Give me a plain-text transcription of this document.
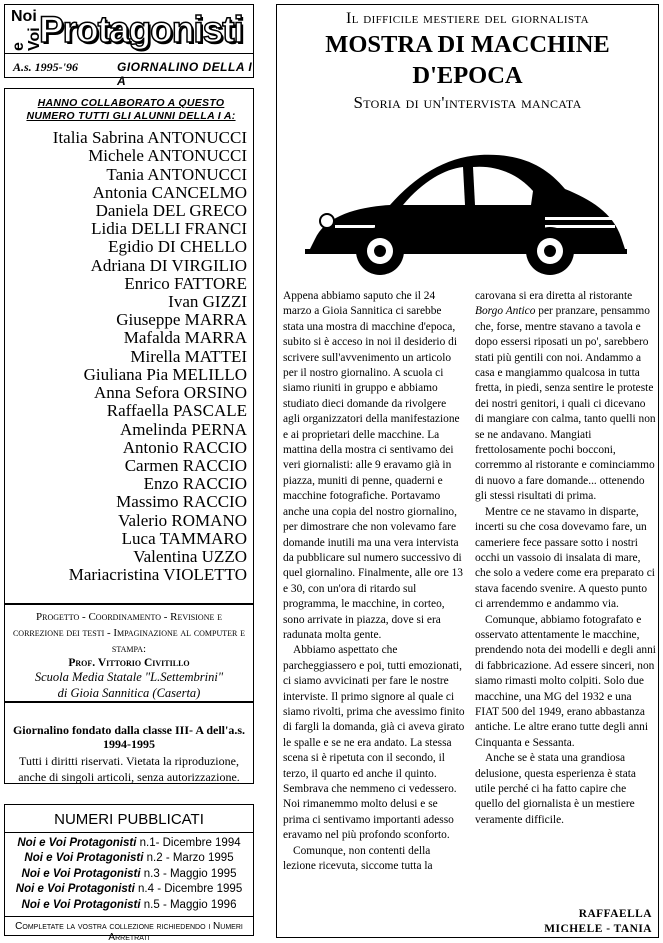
Noi
e Voi
Protagonisti
A.s. 1995-'96	GIORNALINO DELLA I A
HANNO COLLABORATO A QUESTO NUMERO TUTTI GLI ALUNNI DELLA I A:
Italia Sabrina ANTONUCCI
Michele ANTONUCCI
Tania ANTONUCCI
Antonia CANCELMO
Daniela DEL GRECO
Lidia DELLI FRANCI
Egidio DI CHELLO
Adriana DI VIRGILIO
Enrico FATTORE
Ivan GIZZI
Giuseppe MARRA
Mafalda MARRA
Mirella MATTEI
Giuliana Pia MELILLO
Anna Sefora ORSINO
Raffaella PASCALE
Amelinda PERNA
Antonio RACCIO
Carmen RACCIO
Enzo RACCIO
Massimo RACCIO
Valerio ROMANO
Luca TAMMARO
Valentina UZZO
Mariacristina VIOLETTO
Progetto - Coordinamento - Revisione e correzione dei testi - Impaginazione al computer e stampa:
Prof. Vittorio Civitillo
Scuola Media Statale "L.Settembrini"
di Gioia Sannitica (Caserta)
Giornalino fondato dalla classe III- A dell'a.s. 1994-1995
Tutti i diritti riservati. Vietata la riproduzione, anche di singoli articoli, senza autorizzazione.
NUMERI PUBBLICATI
Noi e Voi Protagonisti n.1- Dicembre 1994
Noi e Voi Protagonisti n.2 - Marzo 1995
Noi e Voi Protagonisti n.3 - Maggio 1995
Noi e Voi Protagonisti n.4 - Dicembre 1995
Noi e Voi Protagonisti n.5 - Maggio 1996
Completate la vostra collezione richiedendo i Numeri Arretrati
Il difficile mestiere del giornalista
MOSTRA DI MACCHINE
D'EPOCA
Storia di un'intervista mancata

Appena abbiamo saputo che il 24 marzo a Gioia Sannitica ci sarebbe stata una mostra di macchine d'epoca, subito si è acceso in noi il desiderio di scrivere sull'avvenimento un articolo per il nostro giornalino. A scuola ci siamo riuniti in gruppo e abbiamo studiato dieci domande da rivolgere agli organizzatori della manifestazione e ai proprietari delle macchine. La mattina della mostra ci sentivamo dei veri giornalisti: alle 9 eravamo già in piazza, muniti di penne, quaderni e macchine fotografiche. Portavamo anche una copia del nostro giornalino, per dimostrare che non volevamo fare domande inutili ma una vera intervista da pubblicare sul numero successivo di quel giornalino. Finalmente, alle ore 13 e 30, con un'ora di ritardo sul programma, le macchine, in corteo, sono arrivate in piazza, dove si era radunata molta gente.

Abbiamo aspettato che parcheggiassero e poi, tutti emozionati, ci siamo avvicinati per fare le nostre interviste. Il primo signore al quale ci siamo rivolti, prima che avessimo finito di fargli la domanda, già ci aveva girato le spalle e se ne era andato. La stessa scena si è ripetuta con il secondo, il terzo, il quarto ed anche il quinto. Sembrava che nemmeno ci vedessero. Noi rimanemmo molto delusi e se prima ci sentivamo importanti adesso eravamo nel più profondo sconforto.

Comunque, non contenti della lezione ricevuta, siccome tutta la

carovana si era diretta al ristorante Borgo Antico per pranzare, pensammo che, forse, mentre stavano a tavola e dopo essersi riposati un po', sarebbero stati più gentili con noi. Andammo a casa e mangiammo qualcosa in tutta fretta, in piedi, senza sentire le proteste dei nostri genitori, i quali ci dicevano di mangiare con calma, tanto quelli non se ne andavano. Mangiati frettolosamente pochi bocconi, corremmo al ristorante e cominciammo di nuovo a fare domande... ottenendo gli stessi risultati di prima.

Mentre ce ne stavamo in disparte, incerti su che cosa dovevamo fare, un cameriere fece passare sotto i nostri occhi un vassoio di insalata di mare, che solo a vedere come era preparato ci stava facendo svenire. A questo punto ci arrendemmo e andammo via.

Comunque, abbiamo fotografato e osservato attentamente le macchine, prendendo nota dei modelli e degli anni di fabbricazione. Ad essere sinceri, non siamo rimasti molto colpiti. Solo due macchine, una MG del 1932 e una FIAT 500 del 1949, erano abbastanza antiche. Le altre erano tutte degli anni Cinquanta e Sessanta.

Anche se è stata una grandiosa delusione, questa esperienza è stata utile perché ci ha fatto capire che quello del giornalista è un mestiere veramente difficile.

RAFFAELLA
MICHELE - TANIA
